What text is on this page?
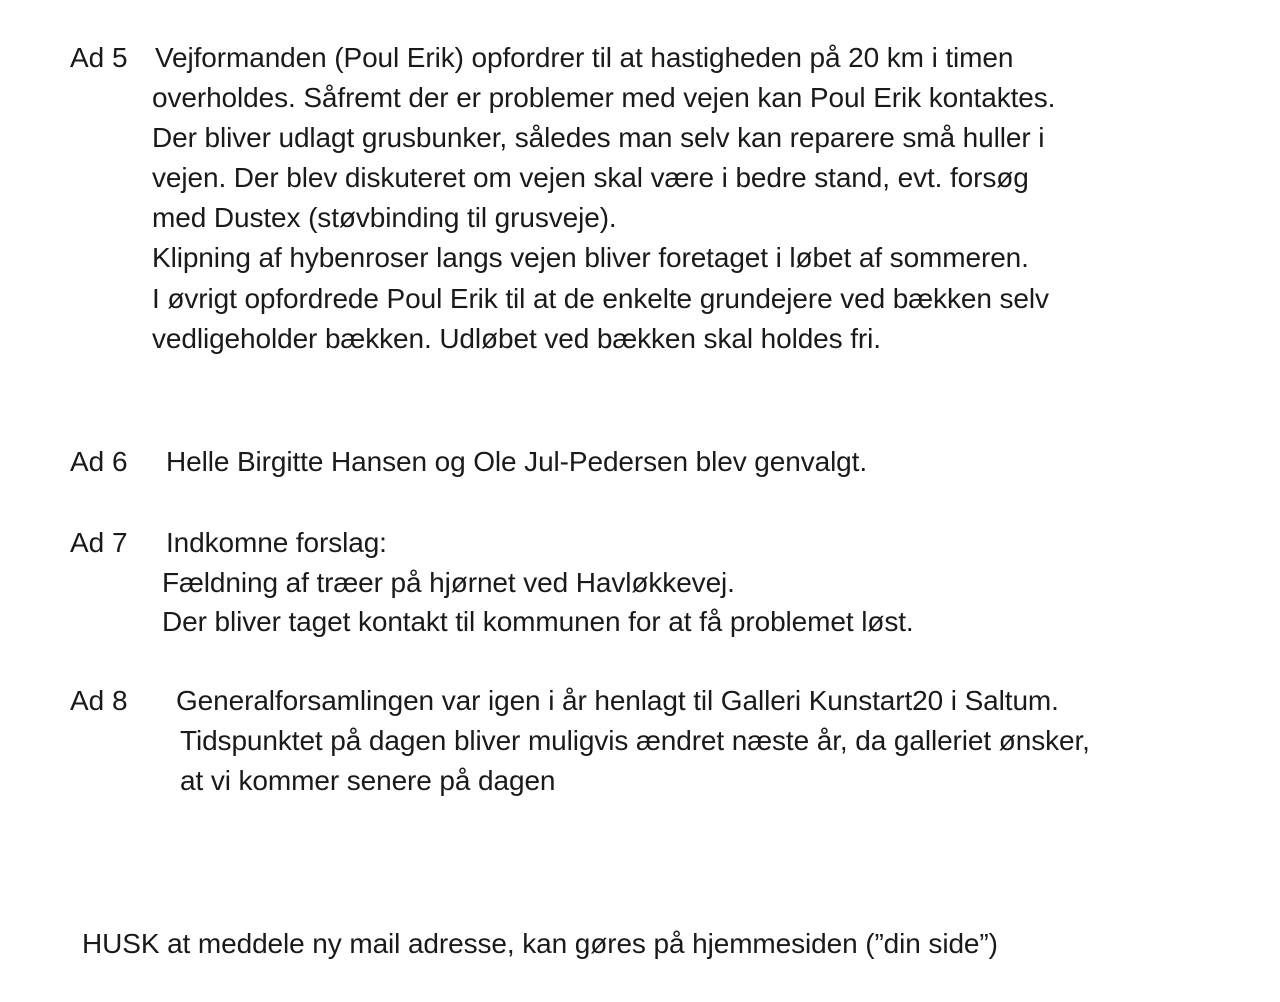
Ad 5 Vejformanden (Poul Erik) opfordrer til at hastigheden på 20 km i timen
overholdes. Såfremt der er problemer med vejen kan Poul Erik kontaktes.
Der bliver udlagt grusbunker, således man selv kan reparere små huller i
vejen. Der blev diskuteret om vejen skal være i bedre stand, evt. forsøg
med Dustex (støvbinding til grusveje).
Klipning af hybenroser langs vejen bliver foretaget i løbet af sommeren.
I øvrigt opfordrede Poul Erik til at de enkelte grundejere ved bækken selv
vedligeholder bækken. Udløbet ved bækken skal holdes fri.
Ad 6 Helle Birgitte Hansen og Ole Jul-Pedersen blev genvalgt.
Ad 7 Indkomne forslag:
Fældning af træer på hjørnet ved Havløkkevej.
Der bliver taget kontakt til kommunen for at få problemet løst.
Ad 8 Generalforsamlingen var igen i år henlagt til Galleri Kunstart20 i Saltum.
Tidspunktet på dagen bliver muligvis ændret næste år, da galleriet ønsker,
at vi kommer senere på dagen
HUSK at meddele ny mail adresse, kan gøres på hjemmesiden (”din side”)
